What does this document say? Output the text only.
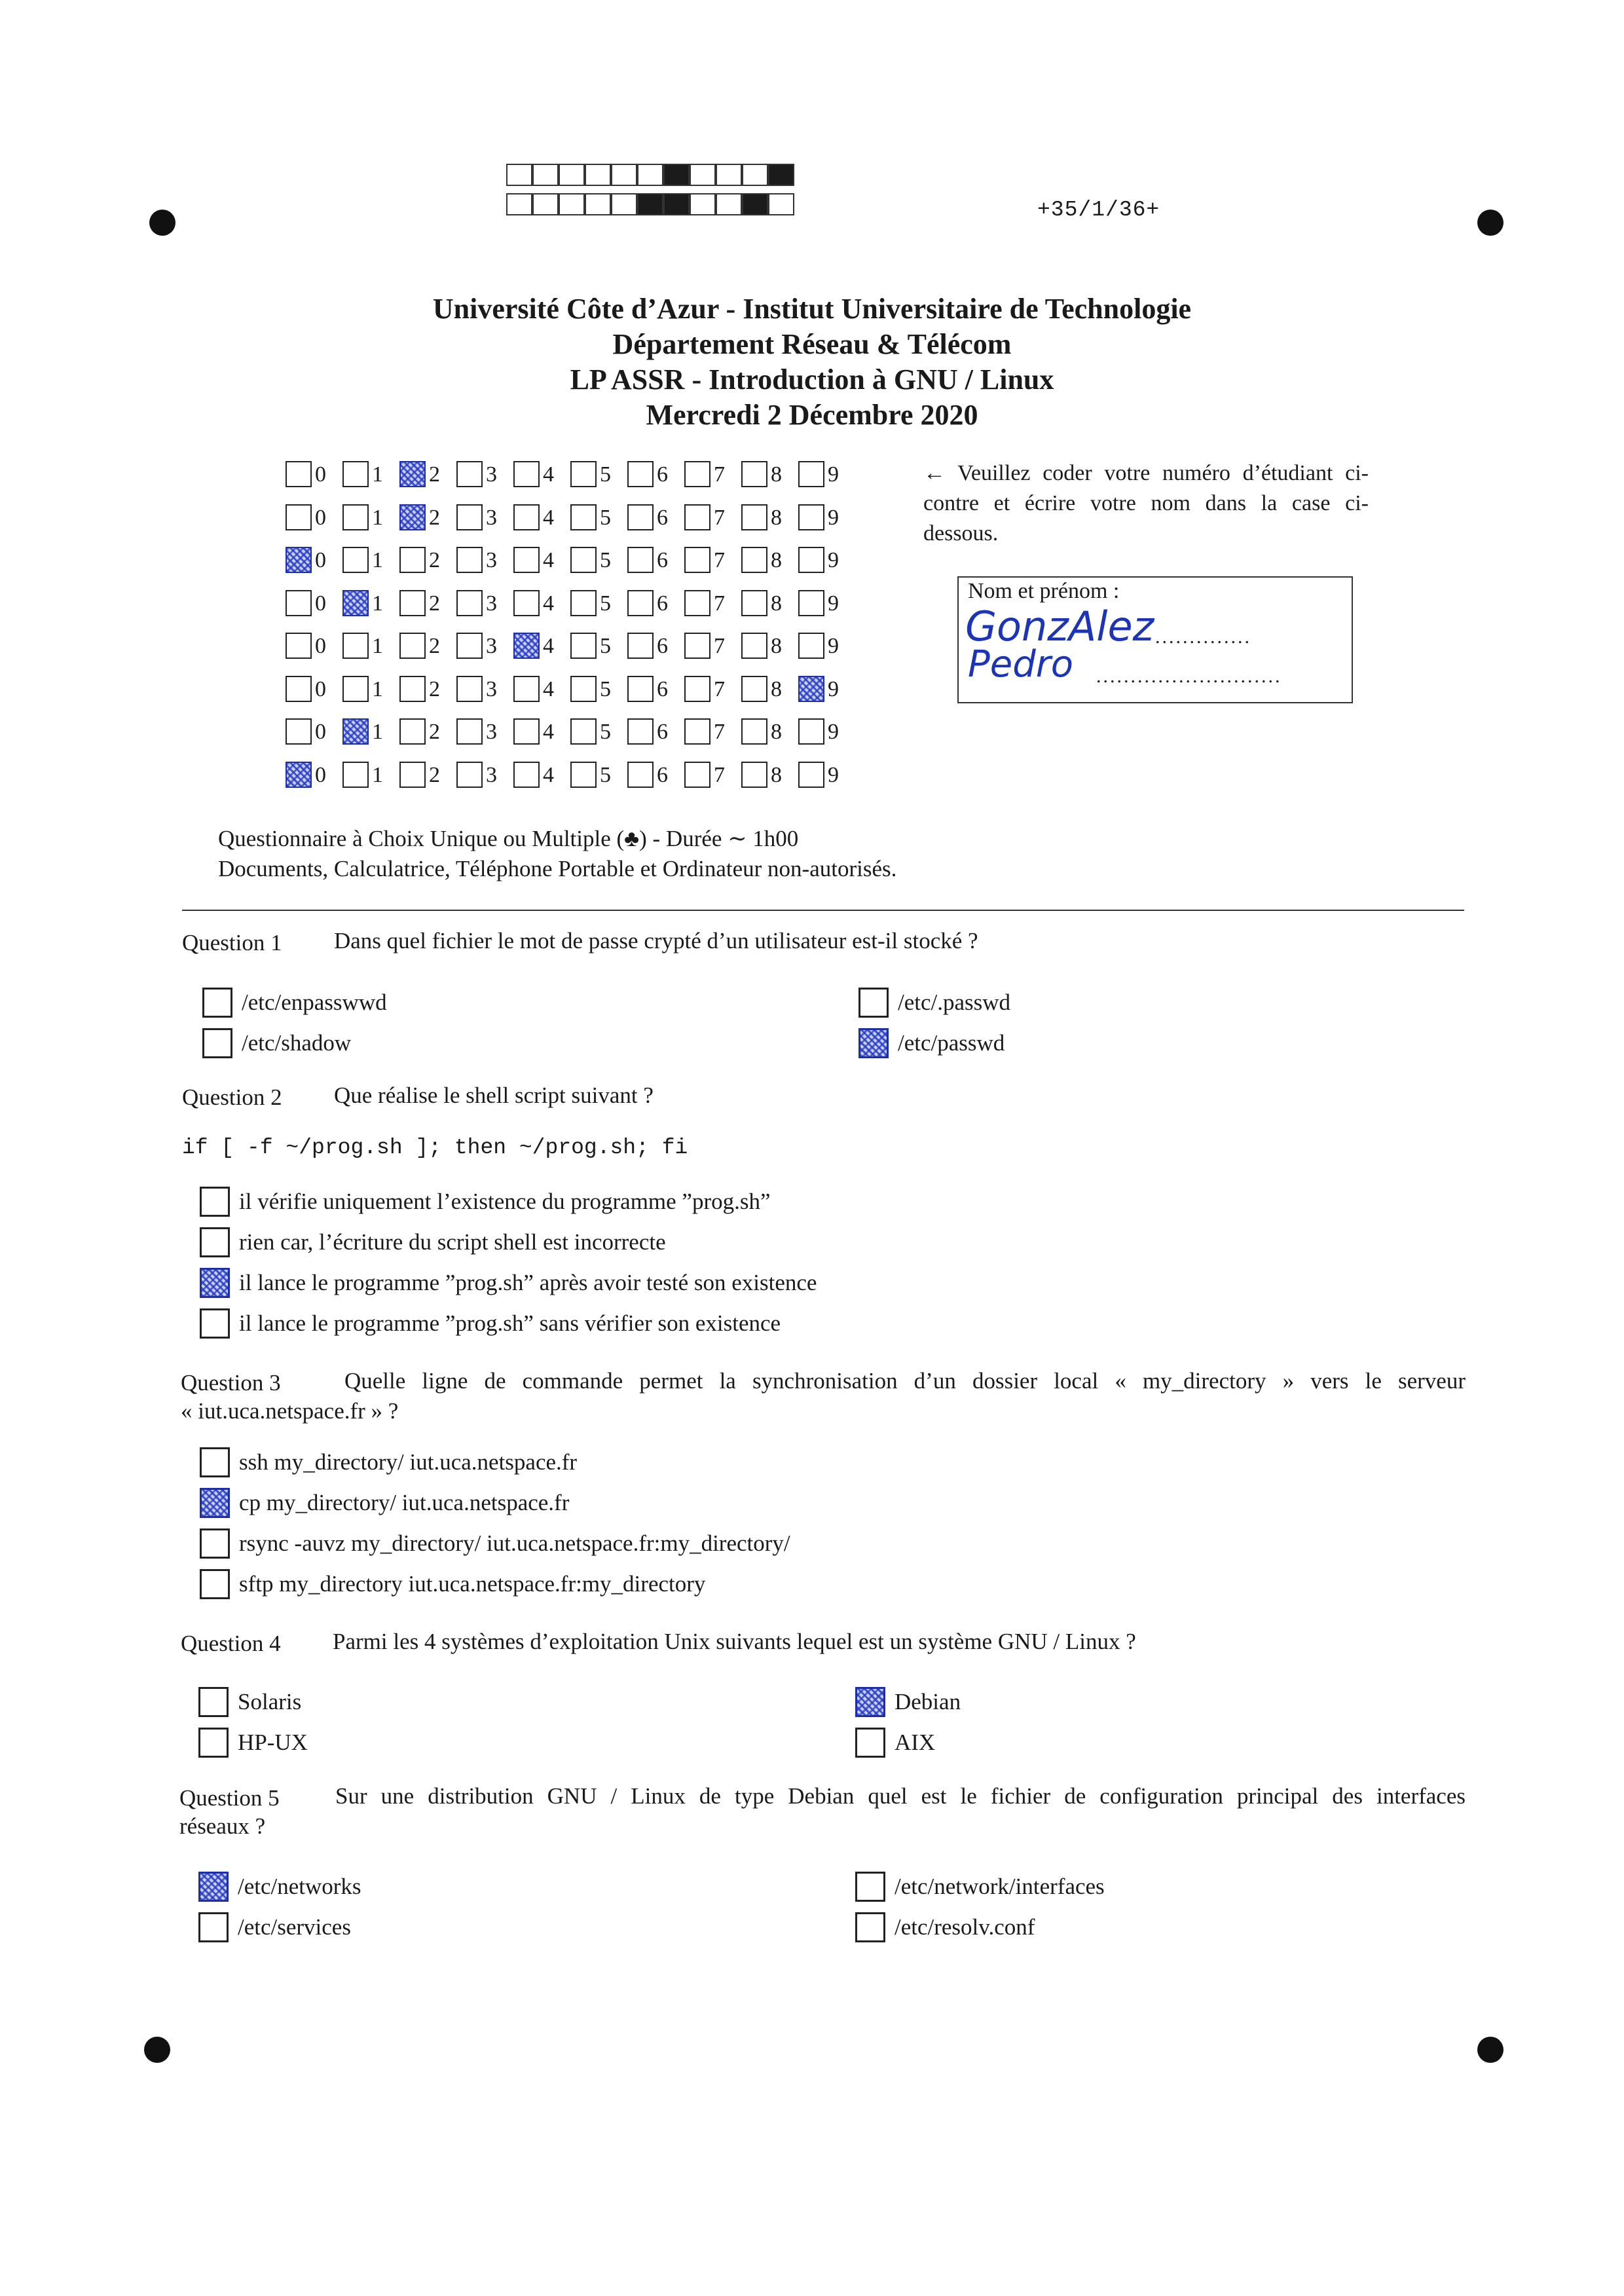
+35/1/36+
Université Côte d’Azur - Institut Universitaire de Technologie
Département Réseau & Télécom
LP ASSR - Introduction à GNU / Linux
Mercredi 2 Décembre 2020
0 1 2 3 4 5 6 7 8 9
0 1 2 3 4 5 6 7 8 9
0 1 2 3 4 5 6 7 8 9
0 1 2 3 4 5 6 7 8 9
0 1 2 3 4 5 6 7 8 9
0 1 2 3 4 5 6 7 8 9
0 1 2 3 4 5 6 7 8 9
0 1 2 3 4 5 6 7 8 9
← Veuillez coder votre numéro d’étudiant ci-contre et écrire votre nom dans la case ci-dessous.
Nom et prénom :
GonzAlez ..............
Pedro ...........................
Questionnaire à Choix Unique ou Multiple (♣) - Durée ∼ 1h00
Documents, Calculatrice, Téléphone Portable et Ordinateur non-autorisés.
Question 1 Dans quel fichier le mot de passe crypté d’un utilisateur est-il stocké ?
/etc/enpasswwd	/etc/.passwd
/etc/shadow	/etc/passwd
Question 2 Que réalise le shell script suivant ?
if [ -f ~/prog.sh ]; then ~/prog.sh; fi
il vérifie uniquement l’existence du programme ”prog.sh”
rien car, l’écriture du script shell est incorrecte
il lance le programme ”prog.sh” après avoir testé son existence
il lance le programme ”prog.sh” sans vérifier son existence
Question 3	Quelle ligne de commande permet la synchronisation d’un dossier local « my_directory » vers le serveur
« iut.uca.netspace.fr » ?
ssh my_directory/ iut.uca.netspace.fr
cp my_directory/ iut.uca.netspace.fr
rsync -auvz my_directory/ iut.uca.netspace.fr:my_directory/
sftp my_directory iut.uca.netspace.fr:my_directory
Question 4 Parmi les 4 systèmes d’exploitation Unix suivants lequel est un système GNU / Linux ?
Solaris	Debian
HP-UX	AIX
Question 5 Sur une distribution GNU / Linux de type Debian quel est le fichier de configuration principal des interfaces
réseaux ?
/etc/networks	/etc/network/interfaces
/etc/services	/etc/resolv.conf
